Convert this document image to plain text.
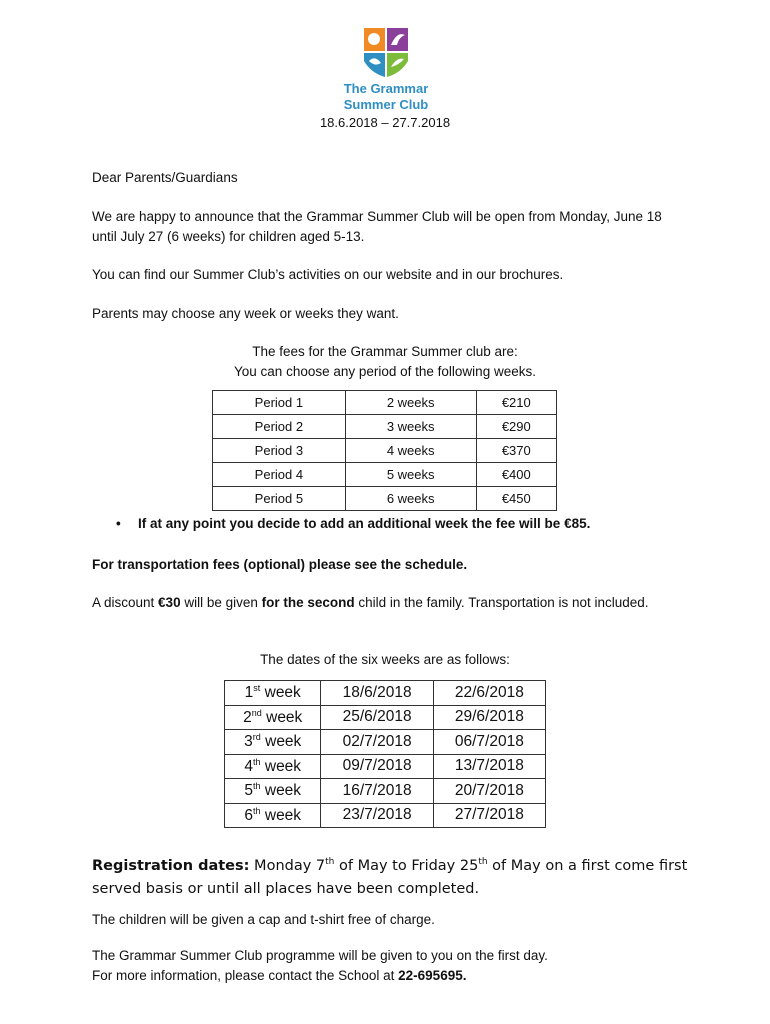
The Grammar
Summer Club
18.6.2018 – 27.7.2018
Dear Parents/Guardians
We are happy to announce that the Grammar Summer Club will be open from Monday, June 18 until July 27 (6 weeks) for children aged 5-13.
You can find our Summer Club’s activities on our website and in our brochures.
Parents may choose any week or weeks they want.
The fees for the Grammar Summer club are:
You can choose any period of the following weeks.
Period 1	2 weeks	€210
Period 2	3 weeks	€290
Period 3	4 weeks	€370
Period 4	5 weeks	€400
Period 5	6 weeks	€450
• If at any point you decide to add an additional week the fee will be €85.
For transportation fees (optional) please see the schedule.
A discount €30 will be given for the second child in the family. Transportation is not included.
The dates of the six weeks are as follows:
1st week	18/6/2018	22/6/2018
2nd week	25/6/2018	29/6/2018
3rd week	02/7/2018	06/7/2018
4th week	09/7/2018	13/7/2018
5th week	16/7/2018	20/7/2018
6th week	23/7/2018	27/7/2018
Registration dates: Monday 7th of May to Friday 25th of May on a first come first served basis or until all places have been completed.
The children will be given a cap and t-shirt free of charge.
The Grammar Summer Club programme will be given to you on the first day.
For more information, please contact the School at 22-695695.
